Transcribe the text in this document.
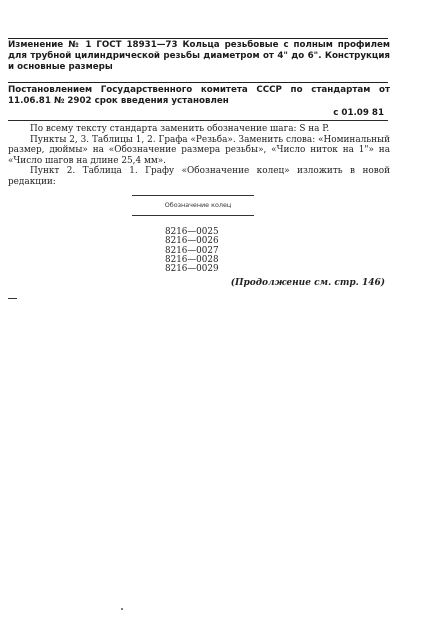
Изменение № 1 ГОСТ 18931—73 Кольца резьбовые с полным профилем для трубной цилиндрической резьбы диаметром от 4" до 6". Конструкция и основные размеры
Постановлением Государственного комитета СССР по стандартам от 11.06.81 № 2902 срок введения установлен
с 01.09 81

По всему тексту стандарта заменить обозначение шага: S на P.

Пункты 2, 3. Таблицы 1, 2. Графа «Резьба». Заменить слова: «Номинальный размер, дюймы» на «Обозначение размера резьбы», «Число ниток на 1"» на «Число шагов на длине 25,4 мм».

Пункт 2. Таблица 1. Графу «Обозначение колец» изложить в новой редакции:

Обозначение колец
8216—0025
8216—0026
8216—0027
8216—0028
8216—0029
(Продолжение см. стр. 146)
